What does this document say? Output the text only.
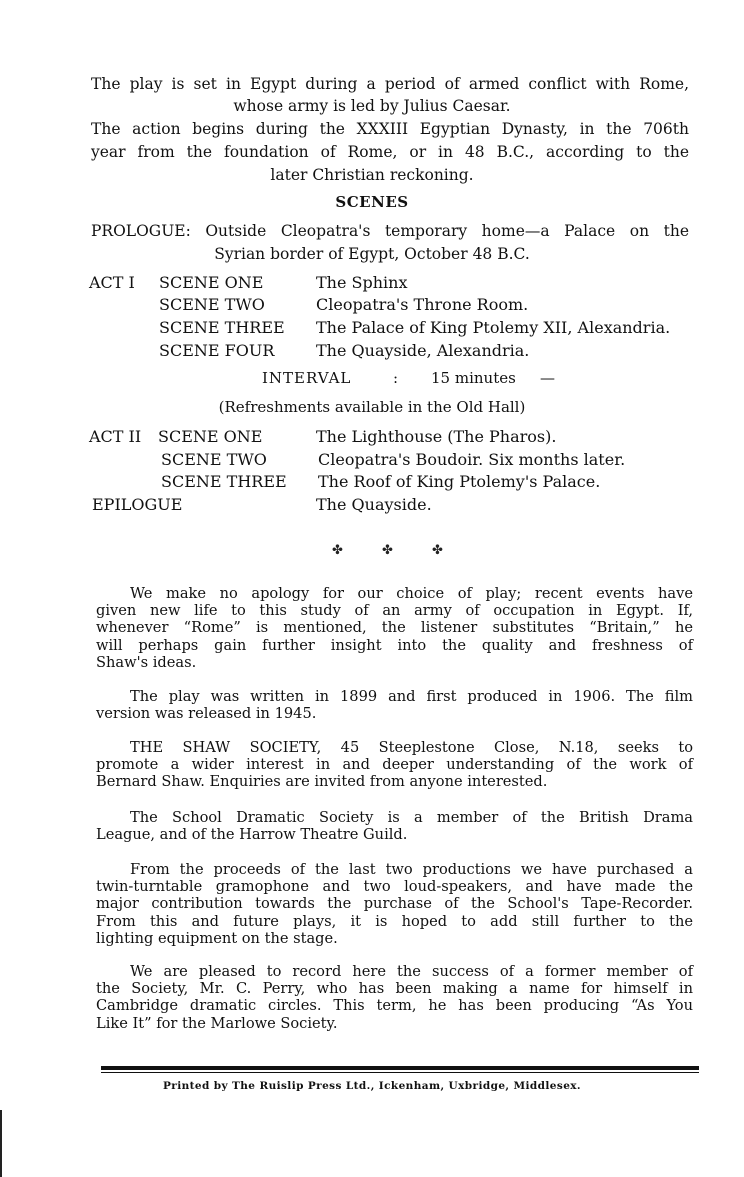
The play is set in Egypt during a period of armed conflict with Rome,
whose army is led by Julius Caesar.
The action begins during the XXXIII Egyptian Dynasty, in the 706th
year from the foundation of Rome, or in 48 B.C., according to the
later Christian reckoning.
SCENES
PROLOGUE: Outside Cleopatra's temporary home—a Palace on the
Syrian border of Egypt, October 48 B.C.
ACT I SCENE ONE	The Sphinx
SCENE TWO	Cleopatra's Throne Room.
SCENE THREE The Palace of King Ptolemy XII, Alexandria.
SCENE FOUR	The Quayside, Alexandria.
INTERVAL	: 15 minutes —
(Refreshments available in the Old Hall)
ACT II SCENE ONE	The Lighthouse (The Pharos).
SCENE TWO	Cleopatra's Boudoir. Six months later.
SCENE THREE The Roof of King Ptolemy's Palace.
EPILOGUE	The Quayside.
✤	✤	✤
We make no apology for our choice of play; recent events have
given new life to this study of an army of occupation in Egypt. If,
whenever “Rome” is mentioned, the listener substitutes “Britain,” he
will perhaps gain further insight into the quality and freshness of
Shaw's ideas.
The play was written in 1899 and first produced in 1906. The film
version was released in 1945.
THE SHAW SOCIETY, 45 Steeplestone Close, N.18, seeks to
promote a wider interest in and deeper understanding of the work of
Bernard Shaw. Enquiries are invited from anyone interested.
The School Dramatic Society is a member of the British Drama
League, and of the Harrow Theatre Guild.
From the proceeds of the last two productions we have purchased a
twin-turntable gramophone and two loud-speakers, and have made the
major contribution towards the purchase of the School's Tape-Recorder.
From this and future plays, it is hoped to add still further to the
lighting equipment on the stage.
We are pleased to record here the success of a former member of
the Society, Mr. C. Perry, who has been making a name for himself in
Cambridge dramatic circles. This term, he has been producing “As You
Like It” for the Marlowe Society.
Printed by The Ruislip Press Ltd., Ickenham, Uxbridge, Middlesex.
